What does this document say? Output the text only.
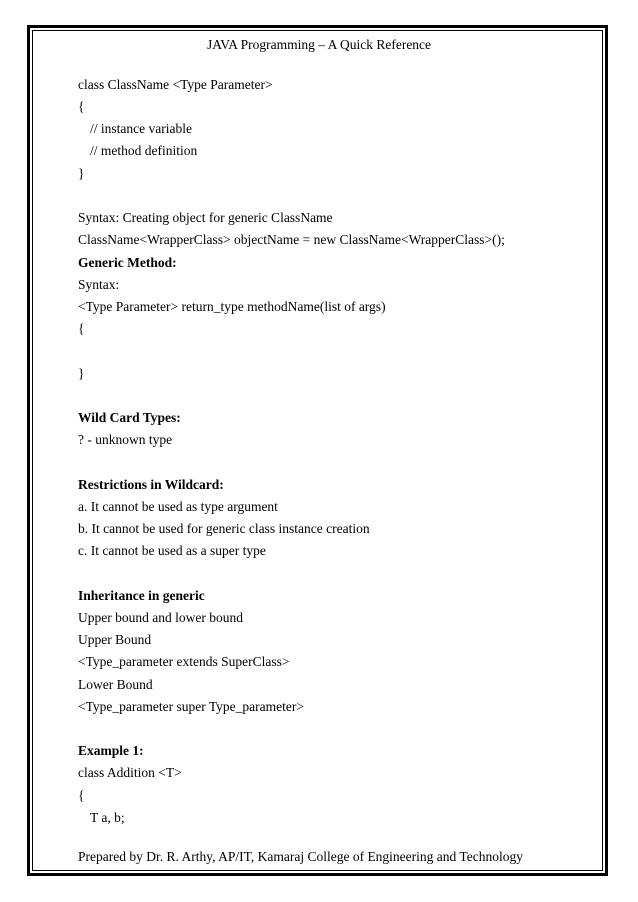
JAVA Programming – A Quick Reference
class ClassName <Type Parameter>
{
// instance variable
// method definition
}
Syntax: Creating object for generic ClassName
ClassName<WrapperClass> objectName = new ClassName<WrapperClass>();
Generic Method:
Syntax:
<Type Parameter> return_type methodName(list of args)
{
}
Wild Card Types:
? - unknown type
Restrictions in Wildcard:
a. It cannot be used as type argument
b. It cannot be used for generic class instance creation
c. It cannot be used as a super type
Inheritance in generic
Upper bound and lower bound
Upper Bound
<Type_parameter extends SuperClass>
Lower Bound
<Type_parameter super Type_parameter>
Example 1:
class Addition <T>
{
T a, b;
Prepared by Dr. R. Arthy, AP/IT, Kamaraj College of Engineering and Technology
